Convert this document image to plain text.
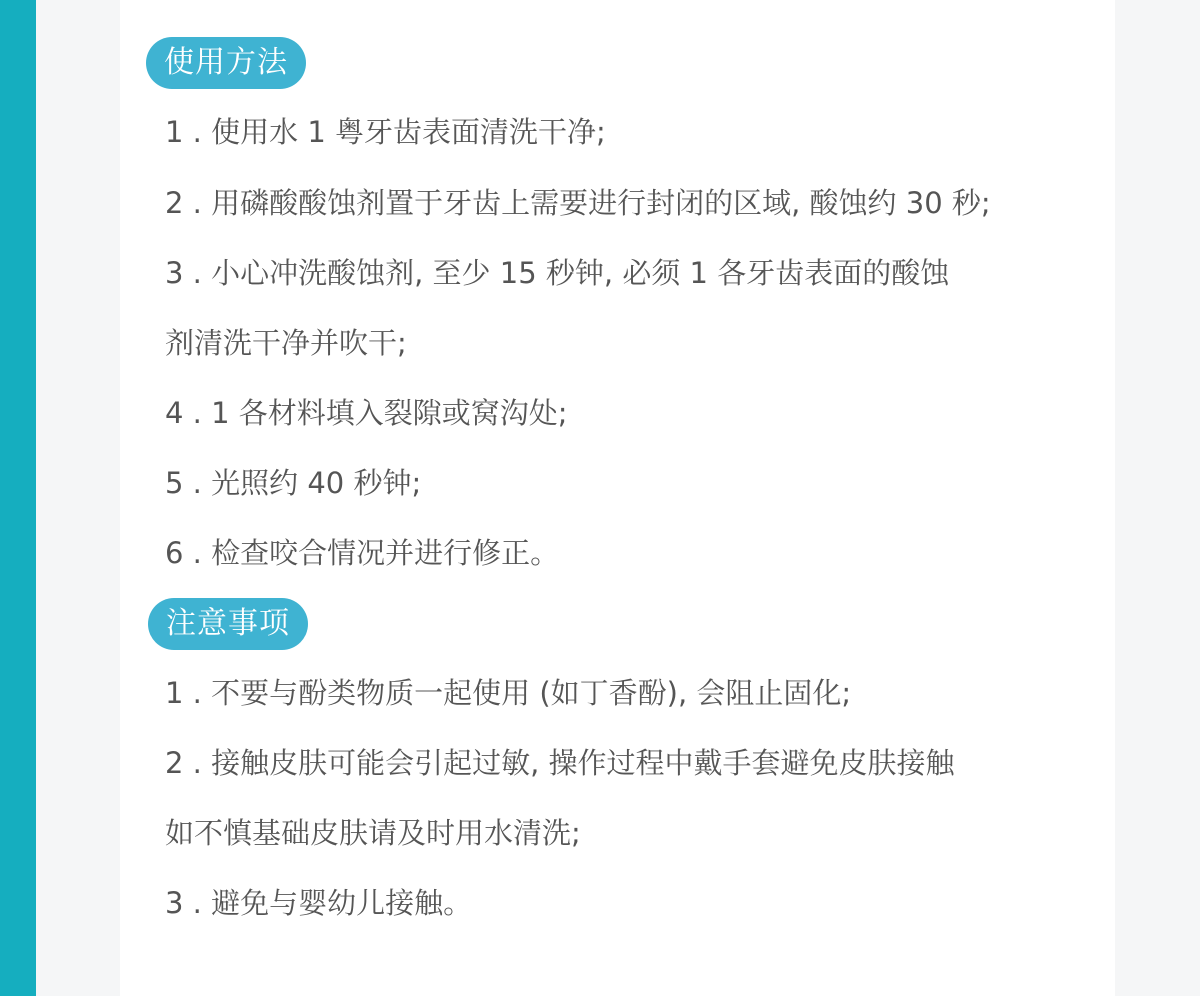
使用方法
1 . 使用水 1 粤牙齿表面清洗干净;
2 . 用磷酸酸蚀剂置于牙齿上需要进行封闭的区域, 酸蚀约 30 秒;
3 . 小心冲洗酸蚀剂, 至少 15 秒钟, 必须 1 各牙齿表面的酸蚀
剂清洗干净并吹干;
4 . 1 各材料填入裂隙或窝沟处;
5 . 光照约 40 秒钟;
6 . 检查咬合情况并进行修正。
注意事项
1 . 不要与酚类物质一起使用 (如丁香酚), 会阻止固化;
2 . 接触皮肤可能会引起过敏, 操作过程中戴手套避免皮肤接触
如不慎基础皮肤请及时用水清洗;
3 . 避免与婴幼儿接触。
